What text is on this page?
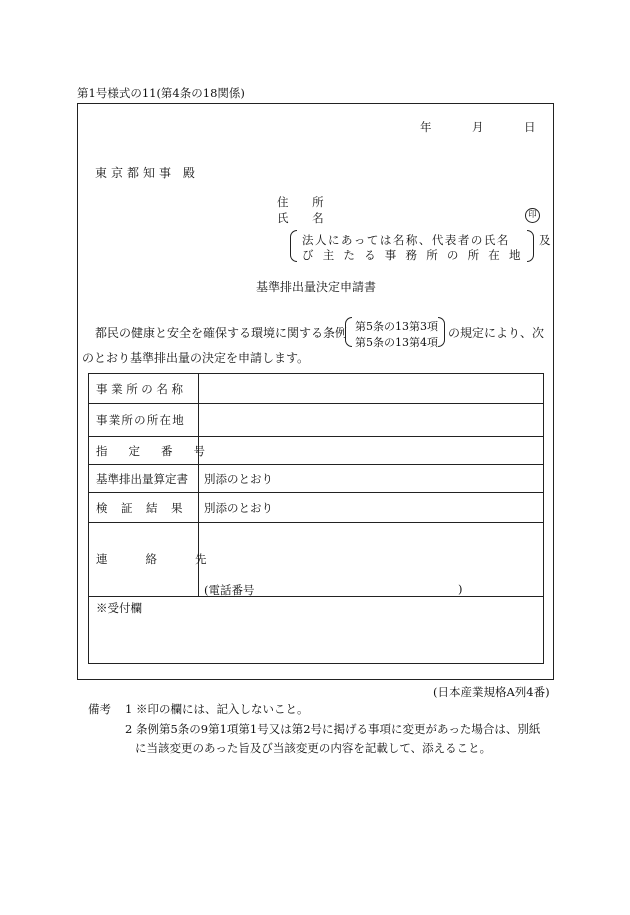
第1号様式の11(第4条の18関係)
年	月	日
東京都知事 殿
住 所
氏 名	印
法人にあっては名称、代表者の氏名
び主たる事務所の所在地
及
基準排出量決定申請書
都民の健康と安全を確保する環境に関する条例 第5条の13第3項
第5条の13第4項
の規定により、次
のとおり基準排出量の決定を申請します。
事業所の名称
事業所の所在地
指定番号
基準排出量算定書 別添のとおり
検証結果 別添のとおり
連絡先
(電話番号	)
※受付欄
(日本産業規格A列4番)
備考 1 ※印の欄には、記入しないこと。
2 条例第5条の9第1項第1号又は第2号に掲げる事項に変更があった場合は、別紙
に当該変更のあった旨及び当該変更の内容を記載して、添えること。
